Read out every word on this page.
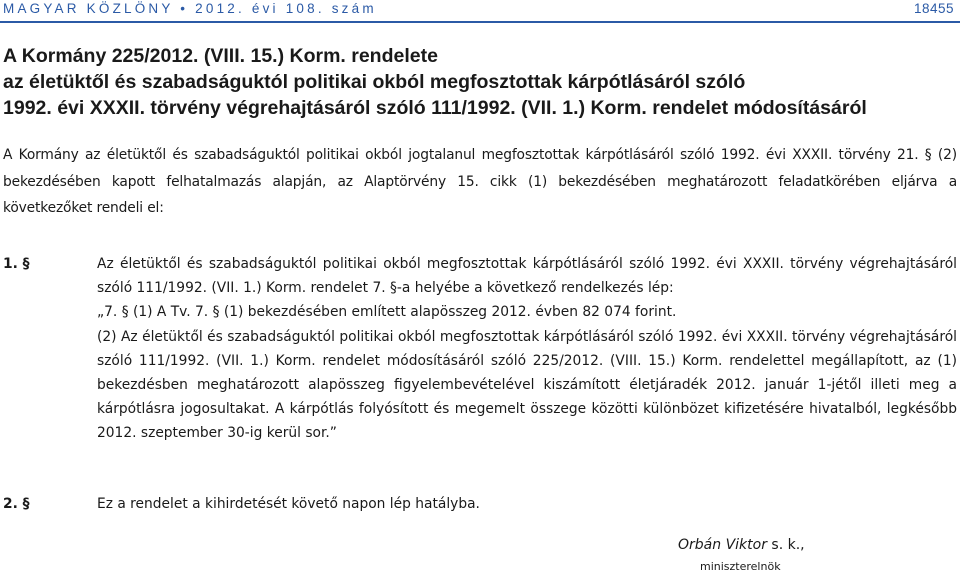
MAGYAR KÖZLÖNY • 2012. évi 108. szám	18455
A Kormány 225/2012. (VIII. 15.) Korm. rendelete
az életüktől és szabadságuktól politikai okból megfosztottak kárpótlásáról szóló
1992. évi XXXII. törvény végrehajtásáról szóló 111/1992. (VII. 1.) Korm. rendelet módosításáról

A Kormány az életüktől és szabadságuktól politikai okból jogtalanul megfosztottak kárpótlásáról szóló 1992. évi XXXII. törvény 21. § (2) bekezdésében kapott felhatalmazás alapján, az Alaptörvény 15. cikk (1) bekezdésében meghatározott feladatkörében eljárva a következőket rendeli el:

1. §	Az életüktől és szabadságuktól politikai okból megfosztottak kárpótlásáról szóló 1992. évi XXXII. törvény végrehajtásáról szóló 111/1992. (VII. 1.) Korm. rendelet 7. §-a helyébe a következő rendelkezés lép:

„7. § (1) A Tv. 7. § (1) bekezdésében említett alapösszeg 2012. évben 82 074 forint.

(2) Az életüktől és szabadságuktól politikai okból megfosztottak kárpótlásáról szóló 1992. évi XXXII. törvény végrehajtásáról szóló 111/1992. (VII. 1.) Korm. rendelet módosításáról szóló 225/2012. (VIII. 15.) Korm. rendelettel megállapított, az (1) bekezdésben meghatározott alapösszeg figyelembevételével kiszámított életjáradék 2012. január 1-jétől illeti meg a kárpótlásra jogosultakat. A kárpótlás folyósított és megemelt összege közötti különbözet kifizetésére hivatalból, legkésőbb 2012. szeptember 30-ig kerül sor.”

2. §	Ez a rendelet a kihirdetését követő napon lép hatályba.

Orbán Viktor s. k.,
miniszterelnök
